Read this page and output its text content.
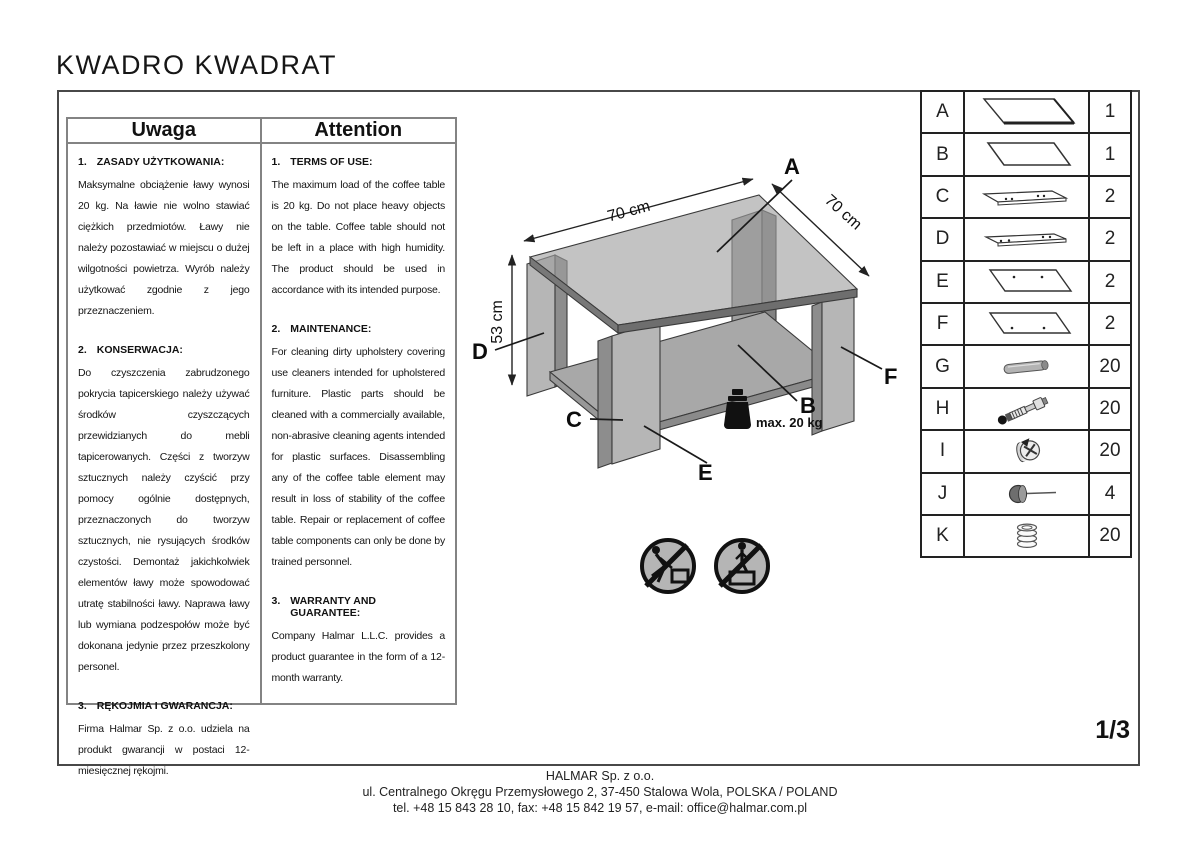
KWADRO KWADRAT
Uwaga
1. ZASADY UŻYTKOWANIA:
Maksymalne obciążenie ławy wynosi 20 kg. Na ławie nie wolno stawiać ciężkich przedmiotów. Ławy nie należy pozostawiać w miejscu o dużej wilgotności powietrza. Wyrób należy użytkować zgodnie z jego przeznaczeniem.
2. KONSERWACJA:
Do czyszczenia zabrudzonego pokrycia tapicerskiego należy używać środków czyszczących przewidzianych do mebli tapicerowanych. Części z tworzyw sztucznych należy czyścić przy pomocy ogólnie dostępnych, przeznaczonych do tworzyw sztucznych, nie rysujących środków czystości. Demontaż jakichkolwiek elementów ławy może spowodować utratę stabilności ławy. Naprawa ławy lub wymiana podzespołów może być dokonana jedynie przez przeszkolony personel.
3. RĘKOJMIA I GWARANCJA:
Firma Halmar Sp. z o.o. udziela na produkt gwarancji w postaci 12-miesięcznej rękojmi.
Attention
1. TERMS OF USE:
The maximum load of the coffee table is 20 kg. Do not place heavy objects on the table. Coffee table should not be left in a place with high humidity. The product should be used in accordance with its intended purpose.
2. MAINTENANCE:
For cleaning dirty upholstery covering use cleaners intended for upholstered furniture. Plastic parts should be cleaned with a commercially available, non-abrasive cleaning agents intended for plastic surfaces. Disassembling any of the coffee table element may result in loss of stability of the coffee table. Repair or replacement of coffee table components can only be done by trained personnel.
3. WARRANTY AND GUARANTEE:
Company Halmar L.L.C. provides a product guarantee in the form of a 12-month warranty.
70 cm	70 cm
53 cm
A
B
C
D
E
F
max. 20 kg
A	1
B	1
C	2
D	2
E	2
F	2
G	20
H	20
I	20
J	4
K	20
1/3
HALMAR Sp. z o.o.
ul. Centralnego Okręgu Przemysłowego 2, 37-450 Stalowa Wola, POLSKA / POLAND
tel. +48 15 843 28 10, fax: +48 15 842 19 57, e-mail: office@halmar.com.pl
